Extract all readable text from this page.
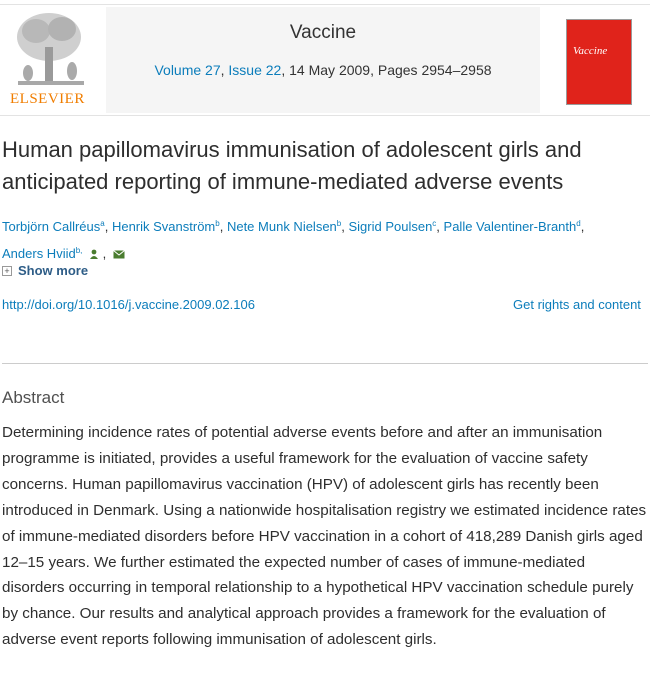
ELSEVIER
Vaccine
Volume 27, Issue 22, 14 May 2009, Pages 2954–2958
Vaccine
Human papillomavirus immunisation of adolescent girls and anticipated reporting of immune-mediated adverse events
Torbjörn Callréus$^a$, Henrik Svanström$^b$, Nete Munk Nielsen$^b$, Sigrid Poulsen$^c$, Palle Valentiner-Branth$^d$,
Anders Hviid$^{b,}$ ,
+ Show more
http://doi.org/10.1016/j.vaccine.2009.02.106	Get rights and content
Abstract

Determining incidence rates of potential adverse events before and after an immunisation programme is initiated, provides a useful framework for the evaluation of vaccine safety concerns. Human papillomavirus vaccination (HPV) of adolescent girls has recently been introduced in Denmark. Using a nationwide hospitalisation registry we estimated incidence rates of immune-mediated disorders before HPV vaccination in a cohort of 418,289 Danish girls aged 12–15 years. We further estimated the expected number of cases of immune-mediated disorders occurring in temporal relationship to a hypothetical HPV vaccination schedule purely by chance. Our results and analytical approach provides a framework for the evaluation of adverse event reports following immunisation of adolescent girls.
